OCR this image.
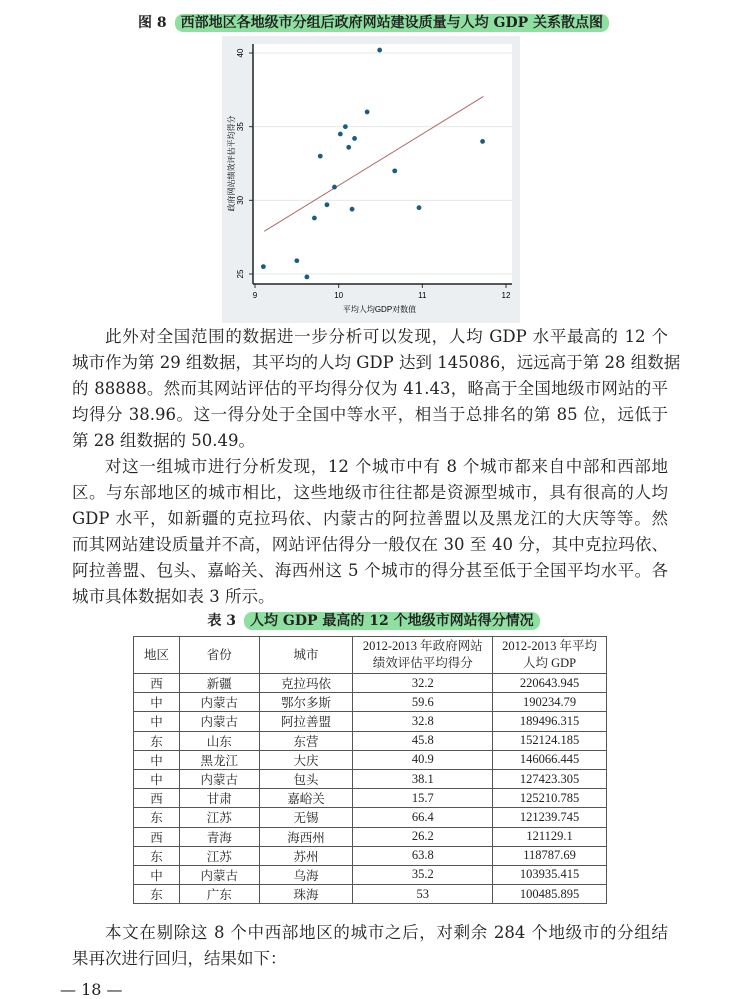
图 8 西部地区各地级市分组后政府网站建设质量与人均 GDP 关系散点图
25
30
35
40
9	10	11	12
平均人均GDP对数值
政府网站绩效评估平均得分
此外对全国范围的数据进一步分析可以发现，人均 GDP 水平最高的 12 个
城市作为第 29 组数据，其平均的人均 GDP 达到 145086，远远高于第 28 组数据
的 88888。然而其网站评估的平均得分仅为 41.43，略高于全国地级市网站的平
均得分 38.96。这一得分处于全国中等水平，相当于总排名的第 85 位，远低于
第 28 组数据的 50.49。
对这一组城市进行分析发现，12 个城市中有 8 个城市都来自中部和西部地
区。与东部地区的城市相比，这些地级市往往都是资源型城市，具有很高的人均
GDP 水平，如新疆的克拉玛依、内蒙古的阿拉善盟以及黑龙江的大庆等等。然
而其网站建设质量并不高，网站评估得分一般仅在 30 至 40 分，其中克拉玛依、
阿拉善盟、包头、嘉峪关、海西州这 5 个城市的得分甚至低于全国平均水平。各
城市具体数据如表 3 所示。
本文在剔除这 8 个中西部地区的城市之后，对剩余 284 个地级市的分组结
果再次进行回归，结果如下：
表 3 人均 GDP 最高的 12 个地级市网站得分情况
地区	省份	城市	2012-2013 年政府网站
绩效评估平均得分	2012-2013 年平均
人均 GDP
西	新疆	克拉玛依	32.2	220643.945
中	内蒙古	鄂尔多斯	59.6	190234.79
中	内蒙古	阿拉善盟	32.8	189496.315
东	山东	东营	45.8	152124.185
中	黑龙江	大庆	40.9	146066.445
中	内蒙古	包头	38.1	127423.305
西	甘肃	嘉峪关	15.7	125210.785
东	江苏	无锡	66.4	121239.745
西	青海	海西州	26.2	121129.1
东	江苏	苏州	63.8	118787.69
中	内蒙古	乌海	35.2	103935.415
东	广东	珠海	53	100485.895
— 18 —
